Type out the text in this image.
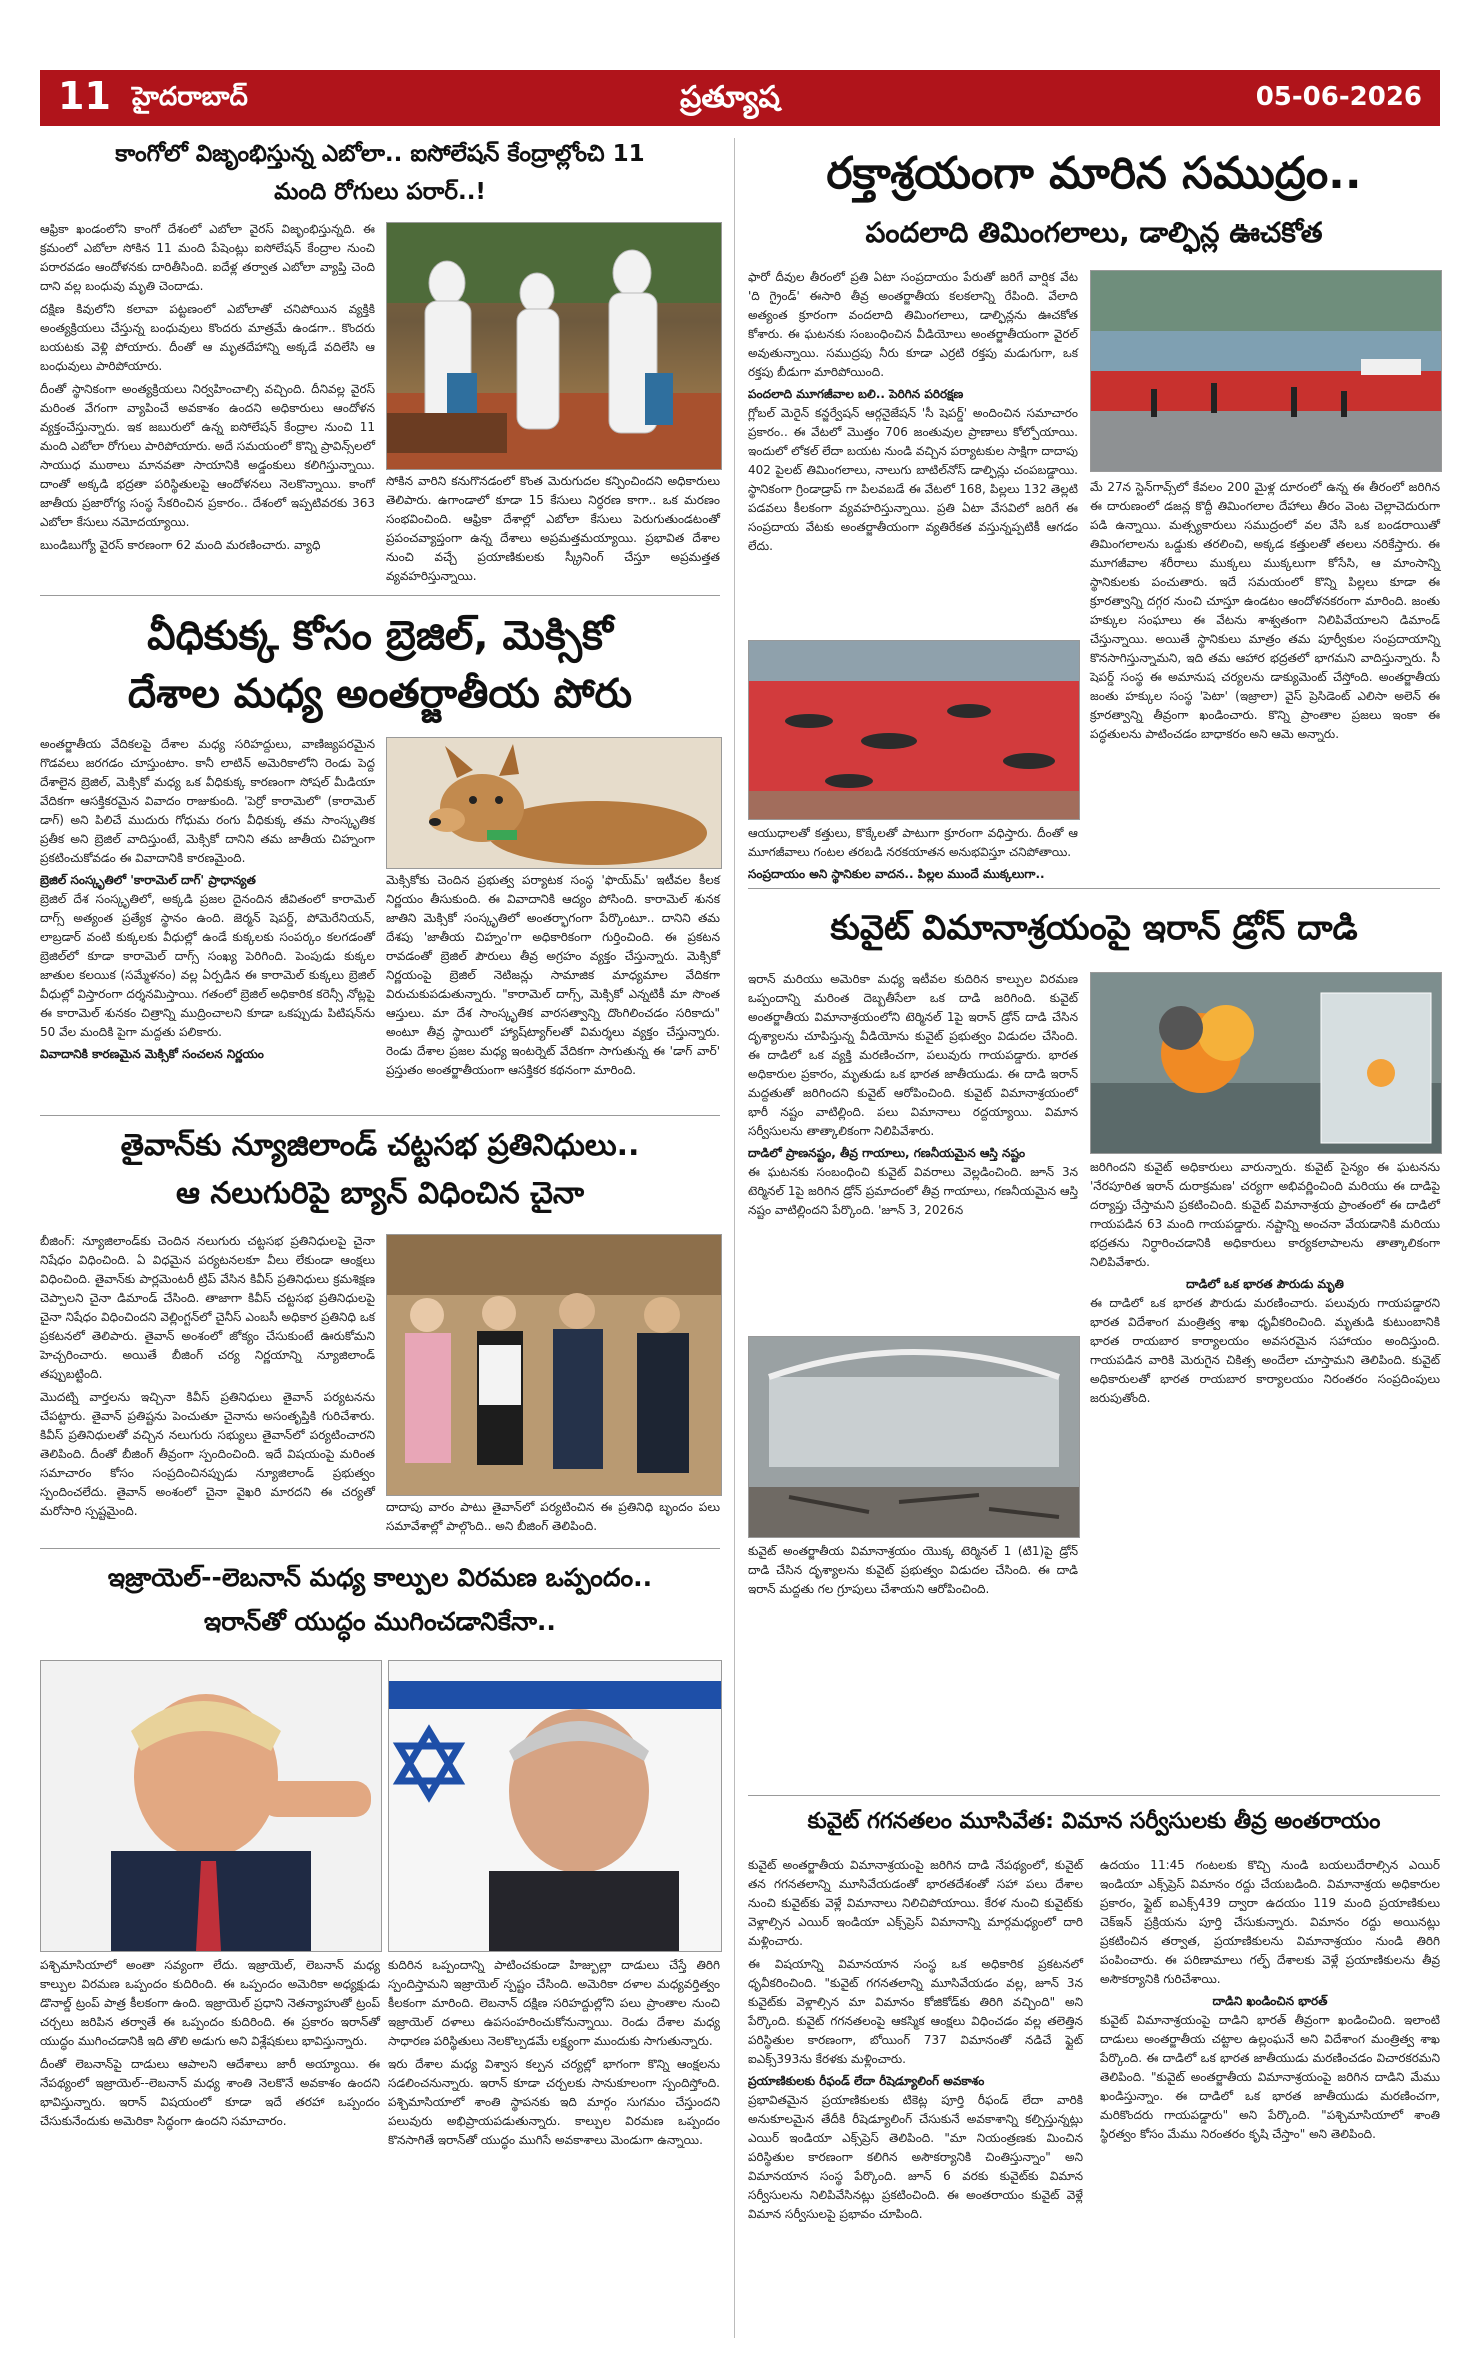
11 హైదరాబాద్	ప్రత్యూష	05-06-2026
కాంగోలో విజృంభిస్తున్న ఎబోలా.. ఐసోలేషన్ కేంద్రాల్లోంచి 11
మంది రోగులు పరార్..!

ఆఫ్రికా ఖండంలోని కాంగో దేశంలో ఎబోలా వైరస్ విజృంభిస్తున్నది. ఈ క్రమంలో ఎబోలా సోకిన 11 మంది పేషెంట్లు ఐసోలేషన్ కేంద్రాల నుంచి పరారవడం ఆందోళనకు దారితీసింది. ఐదేళ్ల తర్వాత ఎబోలా వ్యాప్తి చెంది దాని వల్ల బంధువు మృతి చెందాడు.

దక్షిణ కివులోని కలావా పట్టణంలో ఎబోలాతో చనిపోయిన వ్యక్తికి అంత్యక్రియలు చేస్తున్న బంధువులు కొందరు మాత్రమే ఉండగా.. కొందరు బయటకు వెళ్లి పోయారు. దీంతో ఆ మృతదేహాన్ని అక్కడే వదిలేసి ఆ బంధువులు పారిపోయారు.

దీంతో స్థానికంగా అంత్యక్రియలు నిర్వహించాల్సి వచ్చింది. దీనివల్ల వైరస్ మరింత వేగంగా వ్యాపించే అవకాశం ఉందని అధికారులు ఆందోళన వ్యక్తంచేస్తున్నారు. ఇక జబురులో ఉన్న ఐసోలేషన్ కేంద్రాల నుంచి 11 మంది ఎబోలా రోగులు పారిపోయారు. అదే సమయంలో కొన్ని ప్రావిన్స్‌లలో సాయుధ ముఠాలు మానవతా సాయానికి అడ్డంకులు కలిగిస్తున్నాయి. దాంతో అక్కడి భద్రతా పరిస్థితులపై ఆందోళనలు నెలకొన్నాయి. కాంగో జాతీయ ప్రజారోగ్య సంస్థ సేకరించిన ప్రకారం.. దేశంలో ఇప్పటివరకు 363 ఎబోలా కేసులు నమోదయ్యాయి.

బుండిబుగ్యో వైరస్ కారణంగా 62 మంది మరణించారు. వ్యాధి

సోకిన వారిని కనుగొనడంలో కొంత మెరుగుదల కన్పించిందని అధికారులు తెలిపారు. ఉగాండాలో కూడా 15 కేసులు నిర్ధరణ కాగా.. ఒక మరణం సంభవించింది. ఆఫ్రికా దేశాల్లో ఎబోలా కేసులు పెరుగుతుండటంతో ప్రపంచవ్యాప్తంగా ఉన్న దేశాలు అప్రమత్తమయ్యాయి. ప్రభావిత దేశాల నుంచి వచ్చే ప్రయాణికులకు స్క్రీనింగ్ చేస్తూ అప్రమత్తత వ్యవహరిస్తున్నాయి.

వీధికుక్క కోసం బ్రెజిల్, మెక్సికో
దేశాల మధ్య అంతర్జాతీయ పోరు

అంతర్జాతీయ వేదికలపై దేశాల మధ్య సరిహద్దులు, వాణిజ్యపరమైన గొడవలు జరగడం చూస్తుంటాం. కానీ లాటిన్ అమెరికాలోని రెండు పెద్ద దేశాలైన బ్రెజిల్, మెక్సికో మధ్య ఒక వీధికుక్క కారణంగా సోషల్ మీడియా వేదికగా ఆసక్తికరమైన వివాదం రాజుకుంది. 'పెర్రో కారామెలో' (కారామెల్ డాగ్) అని పిలిచే ముదురు గోధుమ రంగు వీధికుక్క తమ సాంస్కృతిక ప్రతీక అని బ్రెజిల్ వాదిస్తుంటే, మెక్సికో దానిని తమ జాతీయ చిహ్నంగా ప్రకటించుకోవడం ఈ వివాదానికి కారణమైంది.

బ్రెజిల్ సంస్కృతిలో 'కారామెల్ దాగ్' ప్రాధాన్యత

బ్రెజిల్ దేశ సంస్కృతిలో, అక్కడి ప్రజల దైనందిన జీవితంలో కారామెల్ దాగ్స్ అత్యంత ప్రత్యేక స్థానం ఉంది. జెర్మన్ షెపర్డ్, పోమెరేనియన్, లాబ్రడార్ వంటి కుక్కలకు వీధుల్లో ఉండే కుక్కలకు సంపర్కం కలగడంతో బ్రెజిల్‌లో కూడా కారామెల్ దాగ్స్ సంఖ్య పెరిగింది. పెంపుడు కుక్కల జాతుల కలయిక (సమ్మేళనం) వల్ల ఏర్పడిన ఈ కారామెల్ కుక్కలు బ్రెజిల్ వీధుల్లో విస్తారంగా దర్శనమిస్తాయి. గతంలో బ్రెజిల్ అధికారిక కరెన్సీ నోట్లపై ఈ కారామెల్ శునకం చిత్రాన్ని ముద్రించాలని కూడా ఒకప్పుడు పిటిషన్‌ను 50 వేల మందికి పైగా మద్దతు పలికారు.

వివాదానికి కారణమైన మెక్సికో సంచలన నిర్ణయం

మెక్సికోకు చెందిన ప్రభుత్వ పర్యాటక సంస్థ 'ఫొయ్‌మ్' ఇటీవల కీలక నిర్ణయం తీసుకుంది. ఈ వివాదానికి ఆద్యం పోసింది. కారామెల్ శునక జాతిని మెక్సికో సంస్కృతిలో అంతర్భాగంగా పేర్కొంటూ.. దానిని తమ దేశపు 'జాతీయ చిహ్నం'గా అధికారికంగా గుర్తించింది. ఈ ప్రకటన రావడంతో బ్రెజిల్ పౌరులు తీవ్ర అగ్రహం వ్యక్తం చేస్తున్నారు. మెక్సికో నిర్ణయంపై బ్రెజిల్ నెటిజన్లు సామాజిక మాధ్యమాల వేదికగా విరుచుకుపడుతున్నారు. "కారామెల్ దాగ్స్, మెక్సికో ఎన్నటికీ మా సొంత ఆస్తులు. మా దేశ సాంస్కృతిక వారసత్వాన్ని దొంగిలించడం సరికాదు" అంటూ తీవ్ర స్థాయిలో హ్యాష్‌ట్యాగ్‌లతో విమర్శలు వ్యక్తం చేస్తున్నారు. రెండు దేశాల ప్రజల మధ్య ఇంటర్నెట్ వేదికగా సాగుతున్న ఈ 'డాగ్ వార్' ప్రస్తుతం అంతర్జాతీయంగా ఆసక్తికర కథనంగా మారింది.

తైవాన్‌కు న్యూజిలాండ్ చట్టసభ ప్రతినిధులు..
ఆ నలుగురిపై బ్యాన్ విధించిన చైనా

బీజింగ్: న్యూజిలాండ్‌కు చెందిన నలుగురు చట్టసభ ప్రతినిధులపై చైనా నిషేధం విధించింది. ఏ విధమైన పర్యటనలకూ వీలు లేకుండా ఆంక్షలు విధించింది. తైవాన్‌కు పార్లమెంటరీ ట్రిప్ వేసిన కివీస్ ప్రతినిధులు క్రమశిక్షణ చెప్పాలని చైనా డిమాండ్ చేసింది. తాజాగా కివీస్ చట్టసభ ప్రతినిధులపై చైనా నిషేధం విధించిందని వెల్లింగ్టన్‌లో చైనీస్ ఎంబసీ అధికార ప్రతినిధి ఒక ప్రకటనలో తెలిపారు. తైవాన్ అంశంలో జోక్యం చేసుకుంటే ఊరుకోమని హెచ్చరించారు. అయితే బీజింగ్ చర్య నిర్ణయాన్ని న్యూజిలాండ్ తప్పుబట్టింది.

మొదట్ని వార్తలను ఇచ్చినా కివీస్ ప్రతినిధులు తైవాన్ పర్యటనను చేపట్టారు. తైవాన్ ప్రతిష్టను పెంచుతూ చైనాను అసంతృప్తికి గురిచేశారు. కివీస్ ప్రతినిధులతో వచ్చిన నలుగురు సభ్యులు తైవాన్‌లో పర్యటించారని తెలిపింది. దీంతో బీజింగ్ తీవ్రంగా స్పందించింది. ఇదే విషయంపై మరింత సమాచారం కోసం సంప్రదించినప్పుడు న్యూజిలాండ్ ప్రభుత్వం స్పందించలేదు. తైవాన్ అంశంలో చైనా వైఖరి మారదని ఈ చర్యతో మరోసారి స్పష్టమైంది.	దాదాపు వారం పాటు తైవాన్‌లో పర్యటించిన ఈ ప్రతినిధి బృందం పలు సమావేశాల్లో పాల్గొంది.. అని బీజింగ్ తెలిపింది.

ఇజ్రాయెల్--లెబనాన్ మధ్య కాల్పుల విరమణ ఒప్పందం..
ఇరాన్‌తో యుద్ధం ముగించడానికేనా..

పశ్చిమాసియాలో అంతా సవ్యంగా లేదు. ఇజ్రాయెల్, లెబనాన్ మధ్య కాల్పుల విరమణ ఒప్పందం కుదిరింది. ఈ ఒప్పందం అమెరికా అధ్యక్షుడు డొనాల్డ్ ట్రంప్ పాత్ర కీలకంగా ఉంది. ఇజ్రాయెల్ ప్రధాని నెతన్యాహుతో ట్రంప్ చర్చలు జరిపిన తర్వాతే ఈ ఒప్పందం కుదిరింది. ఈ ప్రకారం ఇరాన్‌తో యుద్ధం ముగించడానికి ఇది తొలి అడుగు అని విశ్లేషకులు భావిస్తున్నారు.

దీంతో లెబనాన్‌పై దాడులు ఆపాలని ఆదేశాలు జారీ అయ్యాయి. ఈ నేపథ్యంలో ఇజ్రాయెల్--లెబనాన్ మధ్య శాంతి నెలకొనే అవకాశం ఉందని భావిస్తున్నారు. ఇరాన్ విషయంలో కూడా ఇదే తరహా ఒప్పందం చేసుకునేందుకు అమెరికా సిద్ధంగా ఉందని సమాచారం.

కుదిరిన ఒప్పందాన్ని పాటించకుండా హిజ్బుల్లా దాడులు చేస్తే తిరిగి స్పందిస్తామని ఇజ్రాయెల్ స్పష్టం చేసింది. అమెరికా దళాల మధ్యవర్తిత్వం కీలకంగా మారింది. లెబనాన్ దక్షిణ సరిహద్దుల్లోని పలు ప్రాంతాల నుంచి ఇజ్రాయెల్ దళాలు ఉపసంహరించుకోనున్నాయి. రెండు దేశాల మధ్య సాధారణ పరిస్థితులు నెలకొల్పడమే లక్ష్యంగా ముందుకు సాగుతున్నారు.

ఇరు దేశాల మధ్య విశ్వాస కల్పన చర్యల్లో భాగంగా కొన్ని ఆంక్షలను సడలించనున్నారు. ఇరాన్ కూడా చర్చలకు సానుకూలంగా స్పందిస్తోంది. పశ్చిమాసియాలో శాంతి స్థాపనకు ఇది మార్గం సుగమం చేస్తుందని పలువురు అభిప్రాయపడుతున్నారు. కాల్పుల విరమణ ఒప్పందం కొనసాగితే ఇరాన్‌తో యుద్ధం ముగిసే అవకాశాలు మెండుగా ఉన్నాయి.

రక్తాశ్రయంగా మారిన సముద్రం..
పందలాది తిమింగలాలు, డాల్ఫిన్ల ఊచకోత

ఫారో దీవుల తీరంలో ప్రతి ఏటా సంప్రదాయం పేరుతో జరిగే వార్షిక వేట 'ది గ్రైండ్' ఈసారి తీవ్ర అంతర్జాతీయ కలకలాన్ని రేపింది. వేలాది అత్యంత క్రూరంగా వందలాది తిమింగలాలు, డాల్ఫిన్లను ఊచకోత కోశారు. ఈ ఘటనకు సంబంధించిన వీడియోలు అంతర్జాతీయంగా వైరల్ అవుతున్నాయి. సముద్రపు నీరు కూడా ఎర్రటి రక్తపు మడుగుగా, ఒక రక్తపు బీడుగా మారిపోయింది.

పందలాది మూగజీవాల బలి.. పెరిగిన పరిరక్షణ

గ్లోబల్ మెరైన్ కన్జర్వేషన్ ఆర్గనైజేషన్ 'సీ షెపర్డ్' అందించిన సమాచారం ప్రకారం.. ఈ వేటలో మొత్తం 706 జంతువుల ప్రాణాలు కోల్పోయాయి. ఇందులో లోకల్ లేదా బయట నుండి వచ్చిన పర్యాటకుల సాక్షిగా దాదాపు 402 పైలట్ తిమింగలాలు, నాలుగు బాటిల్‌నోస్ డాల్ఫిన్లు చంపబడ్డాయి. స్థానికంగా గ్రిండాడ్రాప్ గా పిలవబడే ఈ వేటలో 168, పిల్లలు 132 తెల్లటి పడవలు కీలకంగా వ్యవహరిస్తున్నాయి. ప్రతి ఏటా వేసవిలో జరిగే ఈ సంప్రదాయ వేటకు అంతర్జాతీయంగా వ్యతిరేకత వస్తున్నప్పటికీ ఆగడం లేదు.

ఆయుధాలతో కత్తులు, కొక్కేలతో పాటుగా క్రూరంగా వధిస్తారు. దీంతో ఆ మూగజీవాలు గంటల తరబడి నరకయాతన అనుభవిస్తూ చనిపోతాయి.

సంప్రదాయం అని స్థానికుల వాదన.. పిల్లల ముందే ముక్కలుగా..

మే 27న స్టెన్‌గావ్స్‌లో కేవలం 200 మైళ్ల దూరంలో ఉన్న ఈ తీరంలో జరిగిన ఈ దారుణంలో డజన్ల కొద్దీ తిమింగలాల దేహాలు తీరం వెంట చెల్లాచెదురుగా పడి ఉన్నాయి. మత్స్యకారులు సముద్రంలో వల వేసి ఒక బండరాయితో తిమింగలాలను ఒడ్డుకు తరలించి, అక్కడ కత్తులతో తలలు నరికేస్తారు. ఈ మూగజీవాల శరీరాలు ముక్కలు ముక్కలుగా కోసేసి, ఆ మాంసాన్ని స్థానికులకు పంచుతారు. ఇదే సమయంలో కొన్ని పిల్లలు కూడా ఈ క్రూరత్వాన్ని దగ్గర నుంచి చూస్తూ ఉండటం ఆందోళనకరంగా మారింది. జంతు హక్కుల సంఘాలు ఈ వేటను శాశ్వతంగా నిలిపివేయాలని డిమాండ్ చేస్తున్నాయి. అయితే స్థానికులు మాత్రం తమ పూర్వీకుల సంప్రదాయాన్ని కొనసాగిస్తున్నామని, ఇది తమ ఆహార భద్రతలో భాగమని వాదిస్తున్నారు. సీ షెపర్డ్ సంస్థ ఈ అమానుష చర్యలను డాక్యుమెంట్ చేస్తోంది. అంతర్జాతీయ జంతు హక్కుల సంస్థ 'పెటా' (ఇజ్రాలా) వైస్ ప్రెసిడెంట్ ఎలిసా అలెన్ ఈ క్రూరత్వాన్ని తీవ్రంగా ఖండించారు. కొన్ని ప్రాంతాల ప్రజలు ఇంకా ఈ పద్ధతులను పాటించడం బాధాకరం అని ఆమె అన్నారు.

కువైట్ విమానాశ్రయంపై ఇరాన్ డ్రోన్ దాడి

ఇరాన్ మరియు అమెరికా మధ్య ఇటీవల కుదిరిన కాల్పుల విరమణ ఒప్పందాన్ని మరింత దెబ్బతీసేలా ఒక దాడి జరిగింది. కువైట్ అంతర్జాతీయ విమానాశ్రయంలోని టెర్మినల్ 1పై ఇరాన్ డ్రోన్ దాడి చేసిన దృశ్యాలను చూపిస్తున్న వీడియోను కువైట్ ప్రభుత్వం విడుదల చేసింది. ఈ దాడిలో ఒక వ్యక్తి మరణించగా, పలువురు గాయపడ్డారు. భారత అధికారుల ప్రకారం, మృతుడు ఒక భారత జాతీయుడు. ఈ దాడి ఇరాన్ మద్దతుతో జరిగిందని కువైట్ ఆరోపించింది. కువైట్ విమానాశ్రయంలో భారీ నష్టం వాటిల్లింది. పలు విమానాలు రద్దయ్యాయి. విమాన సర్వీసులను తాత్కాలికంగా నిలిపివేశారు.

దాడిలో ప్రాణనష్టం, తీవ్ర గాయాలు, గణనీయమైన ఆస్తి నష్టం

ఈ ఘటనకు సంబంధించి కువైట్ వివరాలు వెల్లడించింది. జూన్ 3న టెర్మినల్ 1పై జరిగిన డ్రోన్ ప్రమాదంలో తీవ్ర గాయాలు, గణనీయమైన ఆస్తి నష్టం వాటిల్లిందని పేర్కొంది. 'జూన్ 3, 2026న

జరిగిందని కువైట్ అధికారులు వారున్నారు. కువైట్ సైన్యం ఈ ఘటనను 'నేరపూరిత ఇరాన్ దురాక్రమణ' చర్యగా అభివర్ణించింది మరియు ఈ దాడిపై దర్యాప్తు చేస్తామని ప్రకటించింది. కువైట్ విమానాశ్రయ ప్రాంతంలో ఈ దాడిలో గాయపడిన 63 మంది గాయపడ్డారు. నష్టాన్ని అంచనా వేయడానికి మరియు భద్రతను నిర్ధారించడానికి అధికారులు కార్యకలాపాలను తాత్కాలికంగా నిలిపివేశారు.

దాడిలో ఒక భారత పౌరుడు మృతి

ఈ దాడిలో ఒక భారత పౌరుడు మరణించారు. పలువురు గాయపడ్డారని భారత విదేశాంగ మంత్రిత్వ శాఖ ధృవీకరించింది. మృతుడి కుటుంబానికి భారత రాయబార కార్యాలయం అవసరమైన సహాయం అందిస్తుంది. గాయపడిన వారికి మెరుగైన చికిత్స అందేలా చూస్తామని తెలిపింది. కువైట్ అధికారులతో భారత రాయబార కార్యాలయం నిరంతరం సంప్రదింపులు జరుపుతోంది.

కువైట్ అంతర్జాతీయ విమానాశ్రయం యొక్క టెర్మినల్ 1 (టి1)పై డ్రోన్ దాడి చేసిన దృశ్యాలను కువైట్ ప్రభుత్వం విడుదల చేసింది. ఈ దాడి ఇరాన్ మద్దతు గల గ్రూపులు చేశాయని ఆరోపించింది.

కువైట్ గగనతలం మూసివేత: విమాన సర్వీసులకు తీవ్ర అంతరాయం

కువైట్ అంతర్జాతీయ విమానాశ్రయంపై జరిగిన దాడి నేపథ్యంలో, కువైట్ తన గగనతలాన్ని మూసివేయడంతో భారతదేశంతో సహా పలు దేశాల నుంచి కువైట్‌కు వెళ్లే విమానాలు నిలిచిపోయాయి. కేరళ నుంచి కువైట్‌కు వెళ్లాల్సిన ఎయిర్ ఇండియా ఎక్స్‌ప్రెస్ విమానాన్ని మార్గమధ్యంలో దారి మళ్లించారు.

ఈ విషయాన్ని విమానయాన సంస్థ ఒక అధికారిక ప్రకటనలో ధృవీకరించింది. "కువైట్ గగనతలాన్ని మూసివేయడం వల్ల, జూన్ 3న కువైట్‌కు వెళ్లాల్సిన మా విమానం కోజికోడ్‌కు తిరిగి వచ్చింది" అని పేర్కొంది. కువైట్ గగనతలంపై ఆకస్మిక ఆంక్షలు విధించడం వల్ల తలెత్తిన పరిస్థితుల కారణంగా, బోయింగ్ 737 విమానంతో నడిచే ఫ్లైట్ ఐఎక్స్393ను కేరళకు మళ్లించారు.

ప్రయాణికులకు రీఫండ్ లేదా రీషెడ్యూలింగ్ అవకాశం

ప్రభావితమైన ప్రయాణికులకు టికెట్ల పూర్తి రీఫండ్ లేదా వారికి అనుకూలమైన తేదీకి రీషెడ్యూలింగ్ చేసుకునే అవకాశాన్ని కల్పిస్తున్నట్లు ఎయిర్ ఇండియా ఎక్స్‌ప్రెస్ తెలిపింది. "మా నియంత్రణకు మించిన పరిస్థితుల కారణంగా కలిగిన అసౌకర్యానికి చింతిస్తున్నాం" అని విమానయాన సంస్థ పేర్కొంది. జూన్ 6 వరకు కువైట్‌కు విమాన సర్వీసులను నిలిపివేసినట్లు ప్రకటించింది. ఈ అంతరాయం కువైట్ వెళ్లే విమాన సర్వీసులపై ప్రభావం చూపింది.

ఉదయం 11:45 గంటలకు కొచ్చి నుండి బయలుదేరాల్సిన ఎయిర్ ఇండియా ఎక్స్‌ప్రెస్ విమానం రద్దు చేయబడింది. విమానాశ్రయ అధికారుల ప్రకారం, ఫ్లైట్ ఐఎక్స్439 ద్వారా ఉదయం 119 మంది ప్రయాణికులు చెక్ఇన్ ప్రక్రియను పూర్తి చేసుకున్నారు. విమానం రద్దు అయినట్లు ప్రకటించిన తర్వాత, ప్రయాణికులను విమానాశ్రయం నుండి తిరిగి పంపించారు. ఈ పరిణామాలు గల్ఫ్ దేశాలకు వెళ్లే ప్రయాణికులను తీవ్ర అసౌకర్యానికి గురిచేశాయి.

దాడిని ఖండించిన భారత్

కువైట్ విమానాశ్రయంపై దాడిని భారత్ తీవ్రంగా ఖండించింది. ఇలాంటి దాడులు అంతర్జాతీయ చట్టాల ఉల్లంఘనే అని విదేశాంగ మంత్రిత్వ శాఖ పేర్కొంది. ఈ దాడిలో ఒక భారత జాతీయుడు మరణించడం విచారకరమని తెలిపింది. "కువైట్ అంతర్జాతీయ విమానాశ్రయంపై జరిగిన దాడిని మేము ఖండిస్తున్నాం. ఈ దాడిలో ఒక భారత జాతీయుడు మరణించగా, మరికొందరు గాయపడ్డారు" అని పేర్కొంది. "పశ్చిమాసియాలో శాంతి స్థిరత్వం కోసం మేము నిరంతరం కృషి చేస్తాం" అని తెలిపింది.
